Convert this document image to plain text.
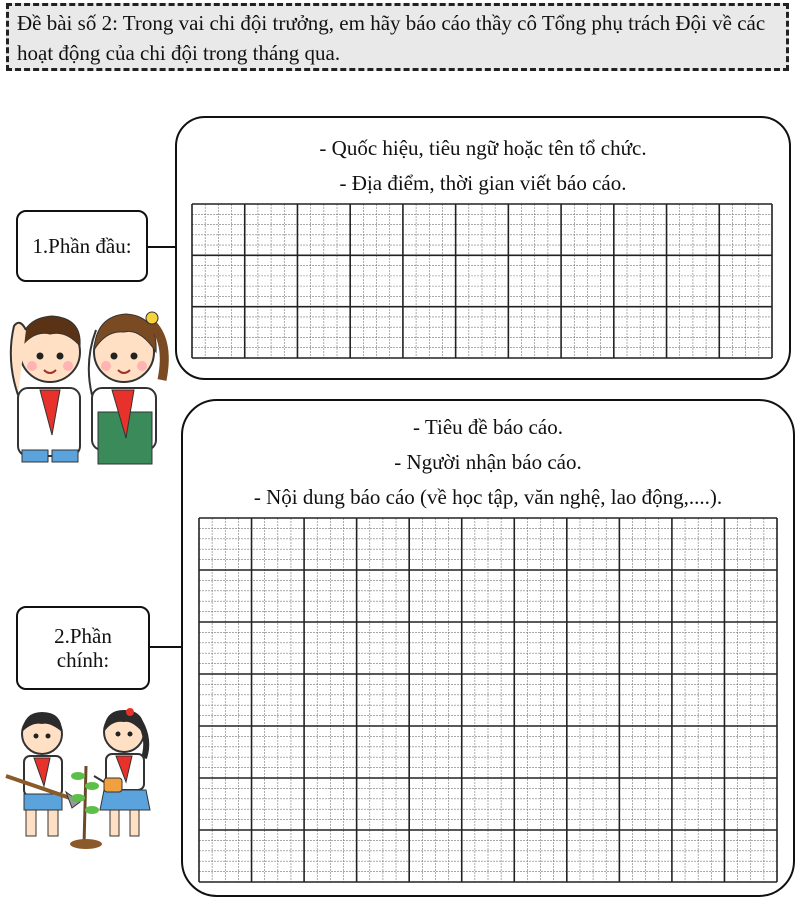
Đề bài số 2: Trong vai chi đội trưởng, em hãy báo cáo thầy cô Tổng phụ trách Đội về các hoạt động của chi đội trong tháng qua.
1.Phần đầu:
- Quốc hiệu, tiêu ngữ hoặc tên tổ chức.
- Địa điểm, thời gian viết báo cáo.
2.Phần
chính:
- Tiêu đề báo cáo.
- Người nhận báo cáo.
- Nội dung báo cáo (về học tập, văn nghệ, lao động,....).
